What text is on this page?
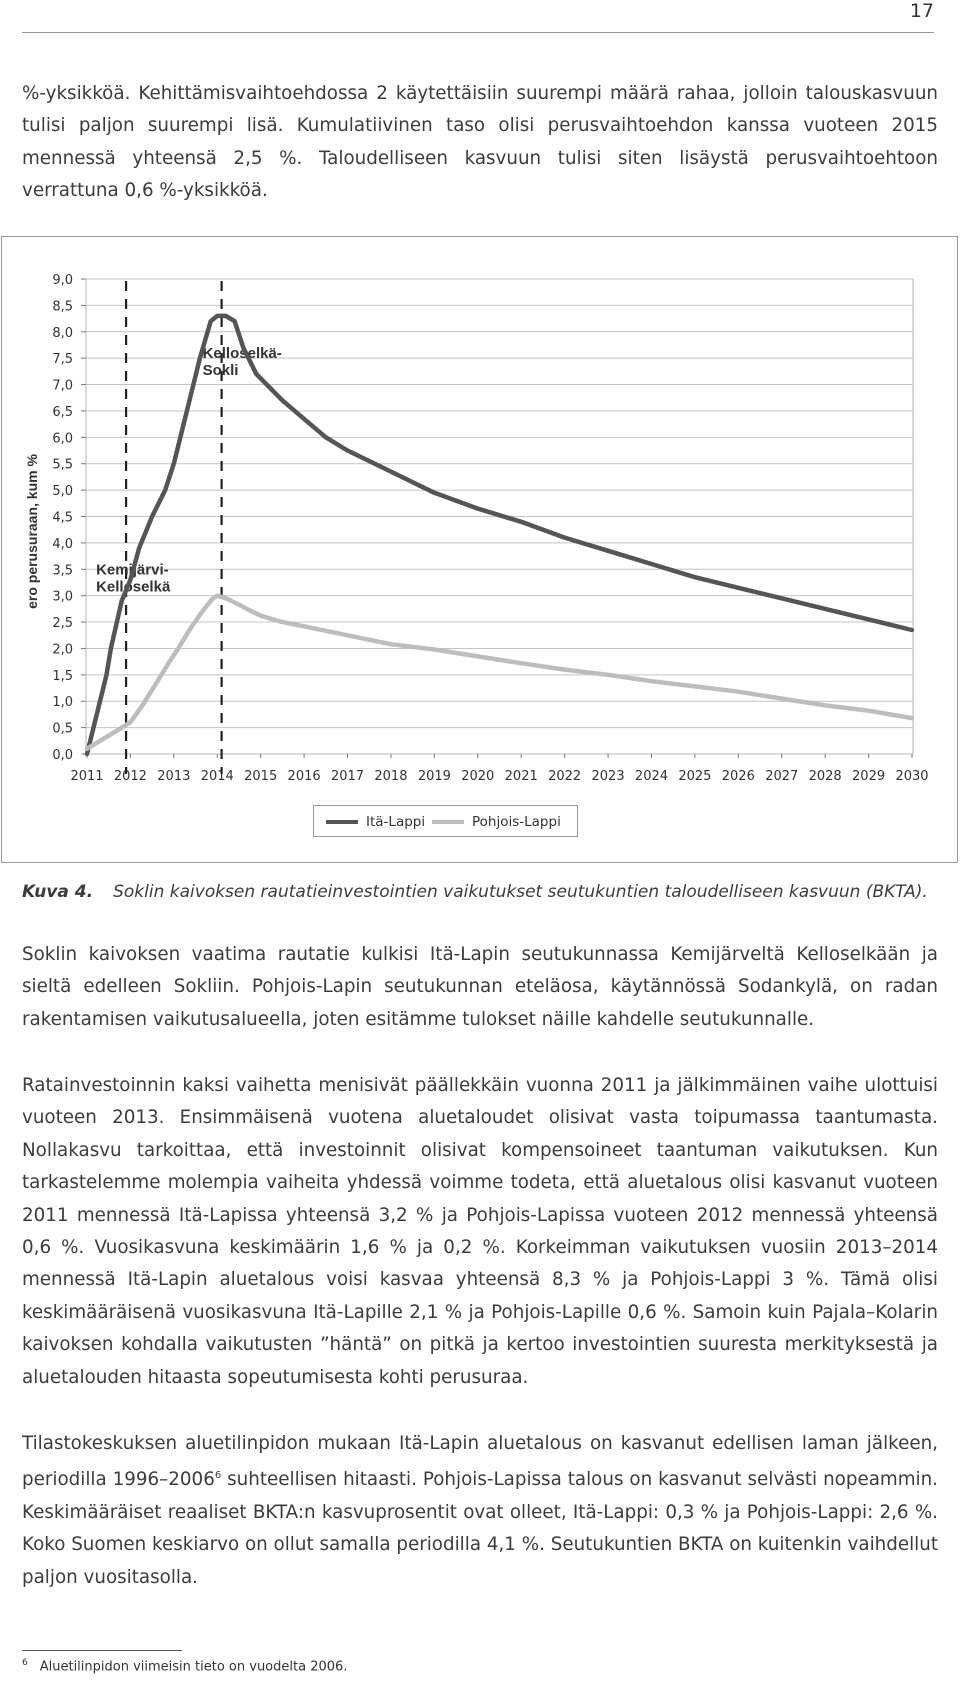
17

%-yksikköä. Kehittämisvaihtoehdossa 2 käytettäisiin suurempi määrä rahaa, jolloin talouskasvuun tulisi paljon suurempi lisä. Kumulatiivinen taso olisi perusvaihtoehdon kanssa vuoteen 2015 mennessä yhteensä 2,5 %. Taloudelliseen kasvuun tulisi siten lisäystä perusvaihtoehtoon verrattuna 0,6 %-yksikköä.

0,0
0,5
1,0
1,5
2,0
2,5
3,0
3,5
4,0
4,5
5,0
5,5
6,0
6,5
7,0
7,5
8,0
8,5
9,0
2011 2012 2013 2014 2015 2016 2017 2018 2019 2020 2021 2022 2023 2024 2025 2026 2027 2028 2029 2030
ero perusuraan, kum %	Kemijärvi-
Kelloselkä
Kelloselkä-
Sokli
Itä-Lappi	Pohjois-Lappi
Kuva 4. Soklin kaivoksen rautatieinvestointien vaikutukset seutukuntien taloudelliseen kasvuun (BKTA).

Soklin kaivoksen vaatima rautatie kulkisi Itä-Lapin seutukunnassa Kemijärveltä Kelloselkään ja sieltä edelleen Sokliin. Pohjois-Lapin seutukunnan eteläosa, käytännössä Sodankylä, on radan rakentamisen vaikutusalueella, joten esitämme tulokset näille kahdelle seutukunnalle.

Ratainvestoinnin kaksi vaihetta menisivät päällekkäin vuonna 2011 ja jälkimmäinen vaihe ulottuisi vuoteen 2013. Ensimmäisenä vuotena aluetaloudet olisivat vasta toipumassa taantumasta. Nollakasvu tarkoittaa, että investoinnit olisivat kompensoineet taantuman vaikutuksen. Kun tarkastelemme molempia vaiheita yhdessä voimme todeta, että aluetalous olisi kasvanut vuoteen 2011 mennessä Itä-Lapissa yhteensä 3,2 % ja Pohjois-Lapissa vuoteen 2012 mennessä yhteensä 0,6 %. Vuosikasvuna keskimäärin 1,6 % ja 0,2 %. Korkeimman vaikutuksen vuosiin 2013–2014 mennessä Itä-Lapin aluetalous voisi kasvaa yhteensä 8,3 % ja Pohjois-Lappi 3 %. Tämä olisi keskimääräisenä vuosikasvuna Itä-Lapille 2,1 % ja Pohjois-Lapille 0,6 %. Samoin kuin Pajala–Kolarin kaivoksen kohdalla vaikutusten ”häntä” on pitkä ja kertoo investointien suuresta merkityksestä ja aluetalouden hitaasta sopeutumisesta kohti perusuraa.

Tilastokeskuksen aluetilinpidon mukaan Itä-Lapin aluetalous on kasvanut edellisen laman jälkeen, periodilla 1996–2006$^6$ suhteellisen hitaasti. Pohjois-Lapissa talous on kasvanut selvästi nopeammin. Keskimääräiset reaaliset BKTA:n kasvuprosentit ovat olleet, Itä-Lappi: 0,3 % ja Pohjois-Lappi: 2,6 %. Koko Suomen keskiarvo on ollut samalla periodilla 4,1 %. Seutukuntien BKTA on kuitenkin vaihdellut paljon vuositasolla.

$^6$ Aluetilinpidon viimeisin tieto on vuodelta 2006.
